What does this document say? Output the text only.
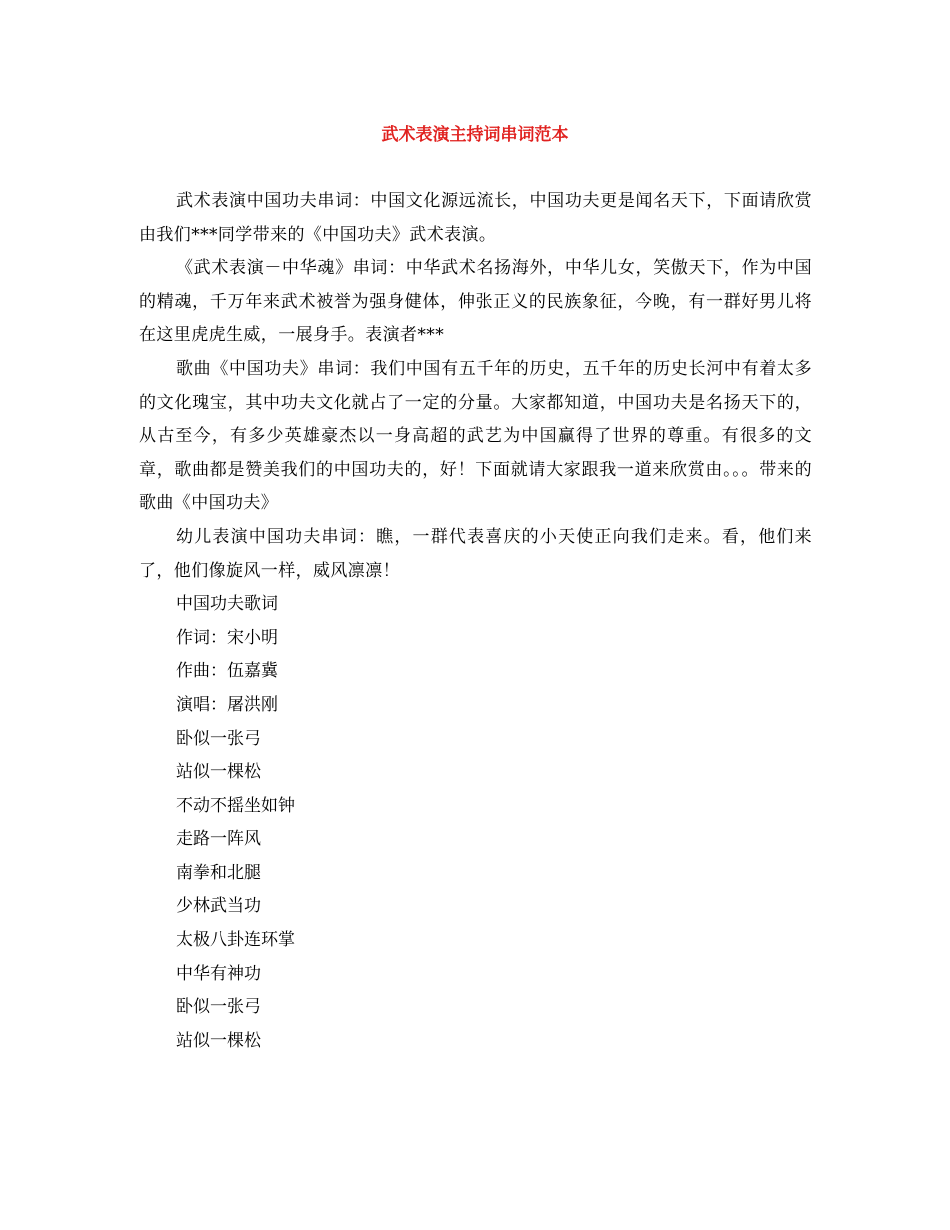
武术表演主持词串词范本

武术表演中国功夫串词：中国文化源远流长，中国功夫更是闻名天下，下面请欣赏由我们***同学带来的《中国功夫》武术表演。

《武术表演－中华魂》串词：中华武术名扬海外，中华儿女，笑傲天下，作为中国的精魂，千万年来武术被誉为强身健体，伸张正义的民族象征，今晚，有一群好男儿将在这里虎虎生威，一展身手。表演者***

歌曲《中国功夫》串词：我们中国有五千年的历史，五千年的历史长河中有着太多的文化瑰宝，其中功夫文化就占了一定的分量。大家都知道，中国功夫是名扬天下的，从古至今，有多少英雄豪杰以一身高超的武艺为中国赢得了世界的尊重。有很多的文章，歌曲都是赞美我们的中国功夫的，好！下面就请大家跟我一道来欣赏由。。。带来的歌曲《中国功夫》

幼儿表演中国功夫串词：瞧，一群代表喜庆的小天使正向我们走来。看，他们来了，他们像旋风一样，威风凛凛！

中国功夫歌词

作词：宋小明

作曲：伍嘉冀

演唱：屠洪刚

卧似一张弓

站似一棵松

不动不摇坐如钟

走路一阵风

南拳和北腿

少林武当功

太极八卦连环掌

中华有神功

卧似一张弓

站似一棵松
